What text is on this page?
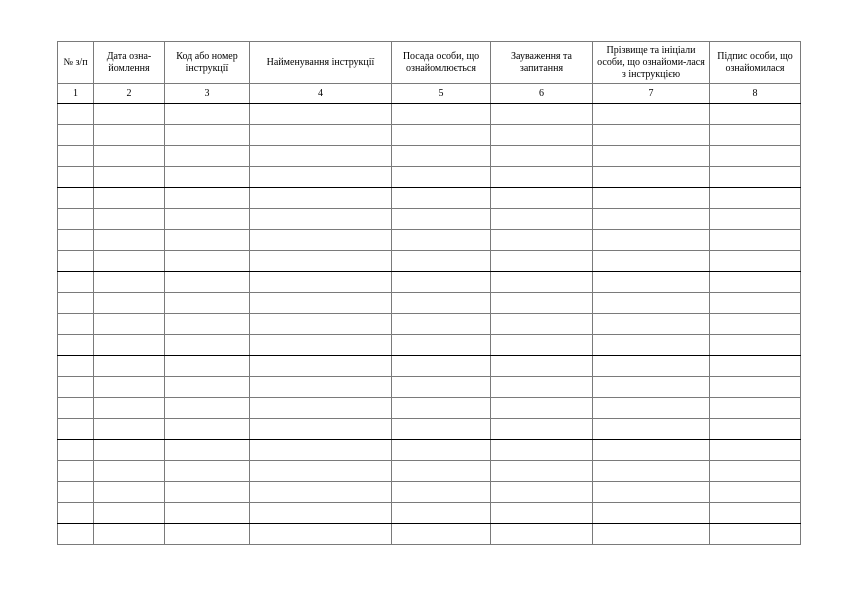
№ з/п	Дата озна-йомлення	Код або номер інструкції	Найменування інструкції	Посада особи, що ознайомлюється	Зауваження та запитання	Прізвище та ініціали особи, що ознайоми-лася з інструкцією	Підпис особи, що ознайомилася

1	2	3	4	5	6	7	8
